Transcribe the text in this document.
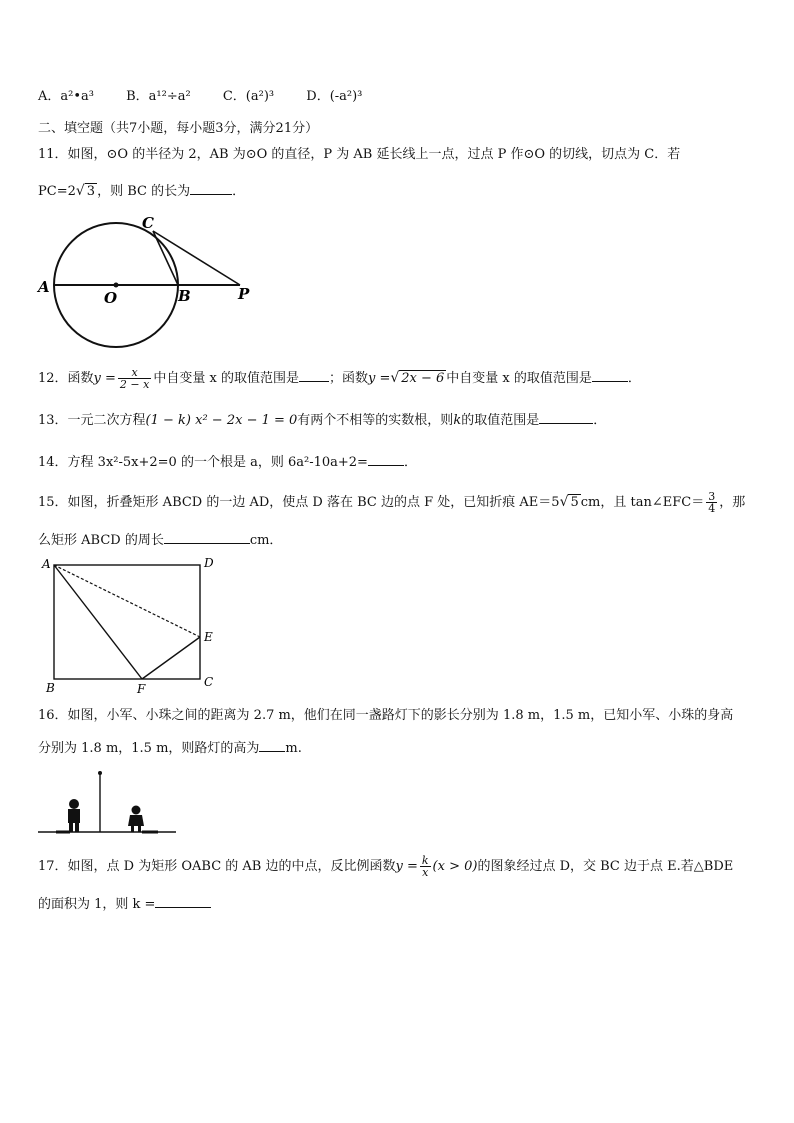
A．a²•a³ B．a¹²÷a² C．(a²)³ D．(-a²)³
二、填空题（共7小题，每小题3分，满分21分）
11．如图，⊙O 的半径为 2，AB 为⊙O 的直径，P 为 AB 延长线上一点，过点 P 作⊙O 的切线，切点为 C．若
PC=2√ 3 ，则 BC 的长为	．
A
O	B	P
C
12．函数$y = \frac{x}{2 - x}$ 中自变量 x 的取值范围是 ；函数y =√ 2x − 6 中自变量 x 的取值范围是	．
13．一元二次方程(1 − k) x² − 2x − 1 = 0有两个不相等的实数根，则k的取值范围是	．
14．方程 3x²-5x+2=0 的一个根是 a，则 6a²-10a+2=	．
15．如图，折叠矩形 ABCD 的一边 AD，使点 D 落在 BC 边的点 F 处，已知折痕 AE＝5√ 5 cm，且 tan∠EFC＝ $\frac{3}{4}$ ，那
么矩形 ABCD 的周长	cm．
A	D
E
B	F	C
16．如图，小军、小珠之间的距离为 2.7 m，他们在同一盏路灯下的影长分别为 1.8 m，1.5 m，已知小军、小珠的身高
分别为 1.8 m，1.5 m，则路灯的高为 m.
17．如图，点 D 为矩形 OABC 的 AB 边的中点，反比例函数$y = \frac{k}{x} (x > 0)$的图象经过点 D，交 BC 边于点 E.若△BDE
的面积为 1，则 k =
